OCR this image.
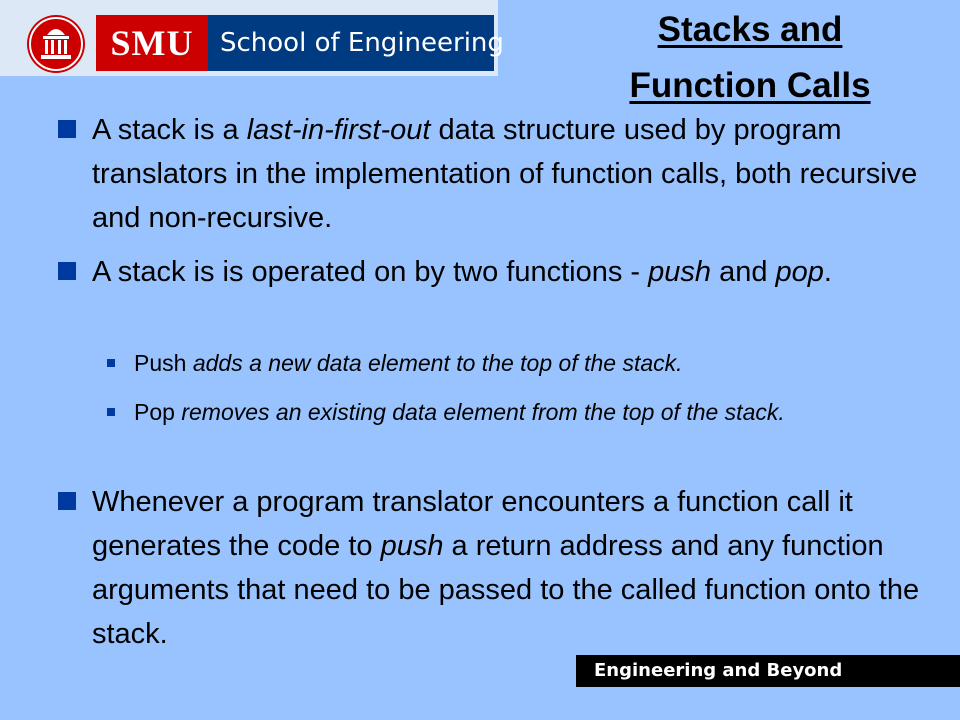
SMU	School of Engineering	Stacks and
Function Calls
A stack is a last-in-first-out data structure used by program translators in the implementation of function calls, both recursive and non-recursive.
A stack is is operated on by two functions - push and pop.
Push adds a new data element to the top of the stack.
Pop removes an existing data element from the top of the stack.
Whenever a program translator encounters a function call it generates the code to push a return address and any function arguments that need to be passed to the called function onto the stack.
Engineering and Beyond
